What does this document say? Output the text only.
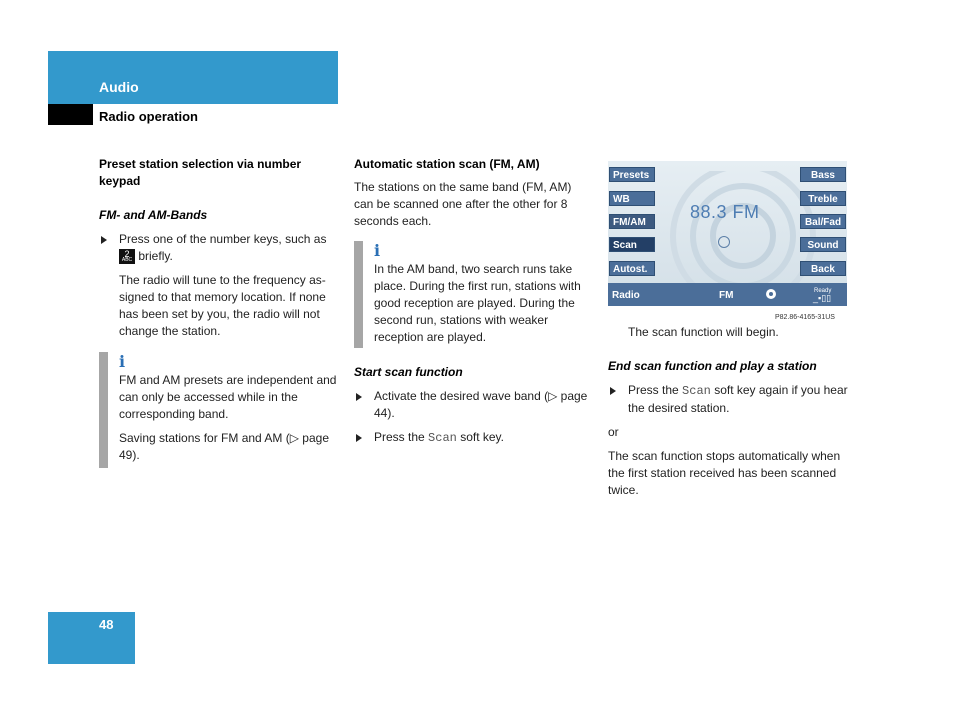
Audio
Radio operation

Preset station selection via number keypad

FM- and AM-Bands

Press one of the number keys, such as
2
ABC briefly.

The radio will tune to the frequency assigned to that memory location. If none has been set by you, the radio will not change the station.

i

FM and AM presets are independent and can only be accessed while in the corresponding band.

Saving stations for FM and AM (▷ page 49).

Automatic station scan (FM, AM)

The stations on the same band (FM, AM) can be scanned one after the other for 8 seconds each.

i

In the AM band, two search runs take place. During the first run, stations with good reception are played. During the second run, stations with weaker reception are played.

Start scan function

Activate the desired wave band (▷ page 44).

Press the Scan soft key.

Presets
WB
FM/AM
Scan
Autost.
Bass
Treble
Bal/Fad
Sound
Back
88.3 FM
Radio	FM	Ready
_▪▯▯
P82.86-4165-31US

The scan function will begin.

End scan function and play a station

Press the Scan soft key again if you hear the desired station.

or

The scan function stops automatically when the first station received has been scanned twice.

48
